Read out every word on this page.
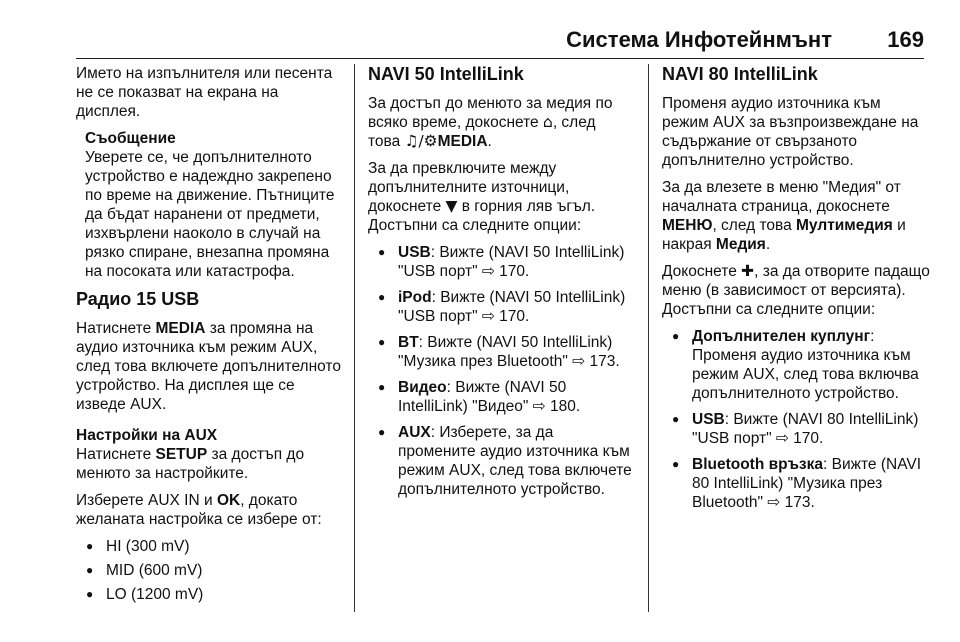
Система Инфотейнмънт	169

Името на изпълнителя или песента не се показват на екрана на дисплея.

Съобщение
Уверете се, че допълнителното устройство е надеждно закрепено по време на движение. Пътниците да бъдат наранени от предмети, изхвърлени наоколо в случай на рязко спиране, внезапна промяна на посоката или катастрофа.
Радио 15 USB

Натиснете MEDIA за промяна на аудио източника към режим AUX, след това включете допълнителното устройство. На дисплея ще се изведе AUX.

Настройки на AUX

Натиснете SETUP за достъп до менюто за настройките.

Изберете AUX IN и OK, докато желаната настройка се избере от:

● HI (300 mV)
● MID (600 mV)
● LO (1200 mV)
NAVI 50 IntelliLink

За достъп до менюто за медия по всяко време, докоснете ⌂, след това ♫/⚙MEDIA.

За да превключите между допълнителните източници, докоснете ▼ в горния ляв ъгъл. Достъпни са следните опции:

● USB: Вижте (NAVI 50 IntelliLink) "USB порт" ⇨ 170.
● iPod: Вижте (NAVI 50 IntelliLink) "USB порт" ⇨ 170.
● BT: Вижте (NAVI 50 IntelliLink) "Музика през Bluetooth" ⇨ 173.
● Видео: Вижте (NAVI 50 IntelliLink) "Видео" ⇨ 180.
● AUX: Изберете, за да промените аудио източника към режим AUX, след това включете допълнителното устройство.
NAVI 80 IntelliLink

Променя аудио източника към режим AUX за възпроизвеждане на съдържание от свързаното допълнително устройство.

За да влезете в меню "Медия" от началната страница, докоснете МЕНЮ, след това Мултимедия и накрая Медия.

Докоснете ✚, за да отворите падащо меню (в зависимост от версията). Достъпни са следните опции:

● Допълнителен куплунг: Променя аудио източника към режим AUX, след това включва допълнителното устройство.
● USB: Вижте (NAVI 80 IntelliLink) "USB порт" ⇨ 170.
● Bluetooth връзка: Вижте (NAVI 80 IntelliLink) "Музика през Bluetooth" ⇨ 173.
